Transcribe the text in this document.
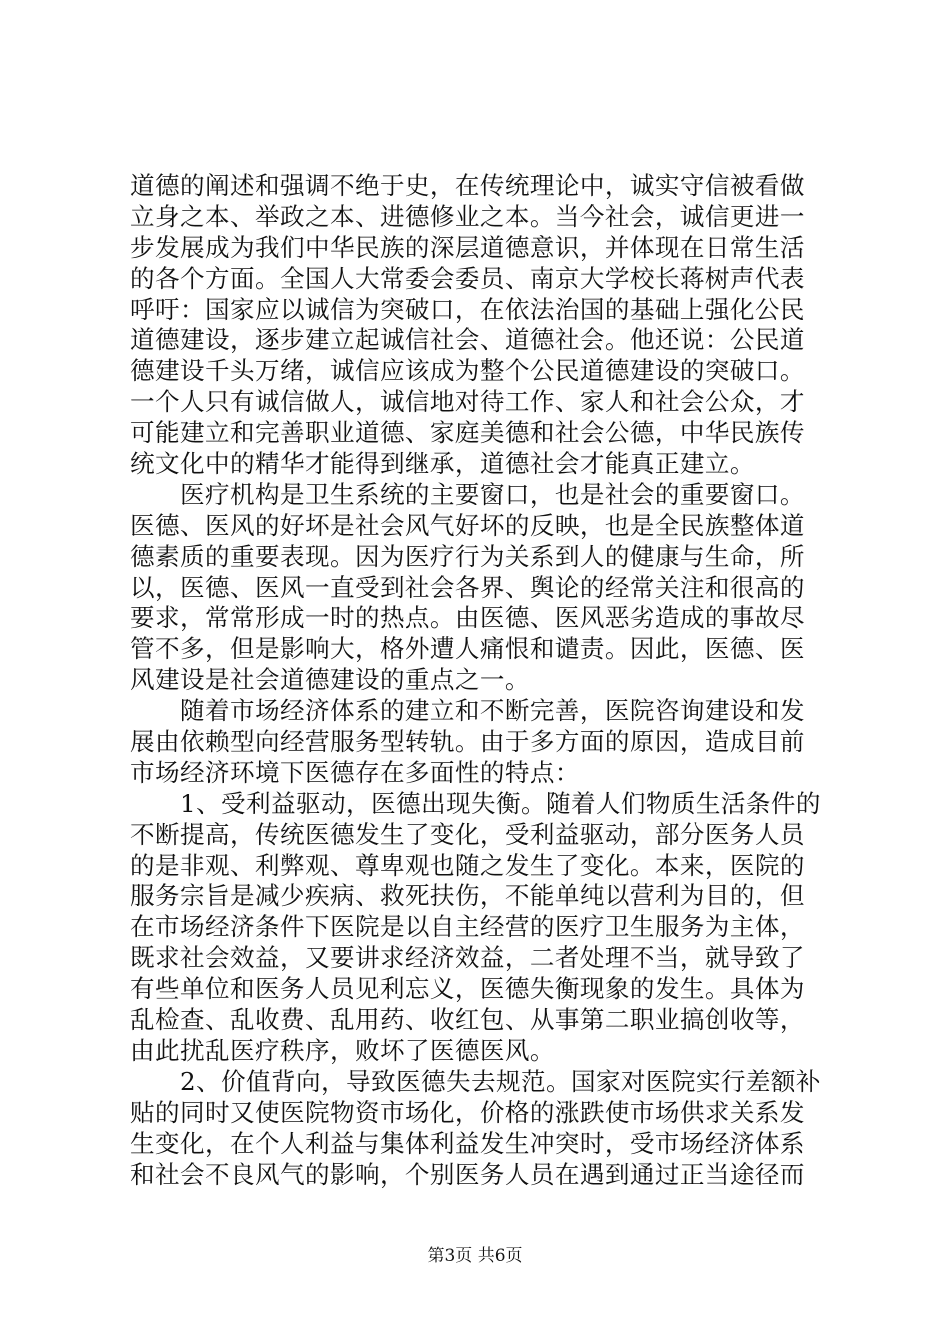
道德的阐述和强调不绝于史，在传统理论中，诚实守信被看做
立身之本、举政之本、进德修业之本。当今社会，诚信更进一
步发展成为我们中华民族的深层道德意识，并体现在日常生活
的各个方面。全国人大常委会委员、南京大学校长蒋树声代表
呼吁：国家应以诚信为突破口，在依法治国的基础上强化公民
道德建设，逐步建立起诚信社会、道德社会。他还说：公民道
德建设千头万绪，诚信应该成为整个公民道德建设的突破口。
一个人只有诚信做人，诚信地对待工作、家人和社会公众，才
可能建立和完善职业道德、家庭美德和社会公德，中华民族传
统文化中的精华才能得到继承，道德社会才能真正建立。
　　医疗机构是卫生系统的主要窗口，也是社会的重要窗口。
医德、医风的好坏是社会风气好坏的反映，也是全民族整体道
德素质的重要表现。因为医疗行为关系到人的健康与生命，所
以，医德、医风一直受到社会各界、舆论的经常关注和很高的
要求，常常形成一时的热点。由医德、医风恶劣造成的事故尽
管不多，但是影响大，格外遭人痛恨和谴责。因此，医德、医
风建设是社会道德建设的重点之一。
　　随着市场经济体系的建立和不断完善，医院咨询建设和发
展由依赖型向经营服务型转轨。由于多方面的原因，造成目前
市场经济环境下医德存在多面性的特点：
　　1、受利益驱动，医德出现失衡。随着人们物质生活条件的
不断提高，传统医德发生了变化，受利益驱动，部分医务人员
的是非观、利弊观、尊卑观也随之发生了变化。本来，医院的
服务宗旨是减少疾病、救死扶伤，不能单纯以营利为目的，但
在市场经济条件下医院是以自主经营的医疗卫生服务为主体，
既求社会效益，又要讲求经济效益，二者处理不当，就导致了
有些单位和医务人员见利忘义，医德失衡现象的发生。具体为
乱检查、乱收费、乱用药、收红包、从事第二职业搞创收等，
由此扰乱医疗秩序，败坏了医德医风。
　　2、价值背向，导致医德失去规范。国家对医院实行差额补
贴的同时又使医院物资市场化，价格的涨跌使市场供求关系发
生变化，在个人利益与集体利益发生冲突时，受市场经济体系
和社会不良风气的影响，个别医务人员在遇到通过正当途径而
第3页 共6页
